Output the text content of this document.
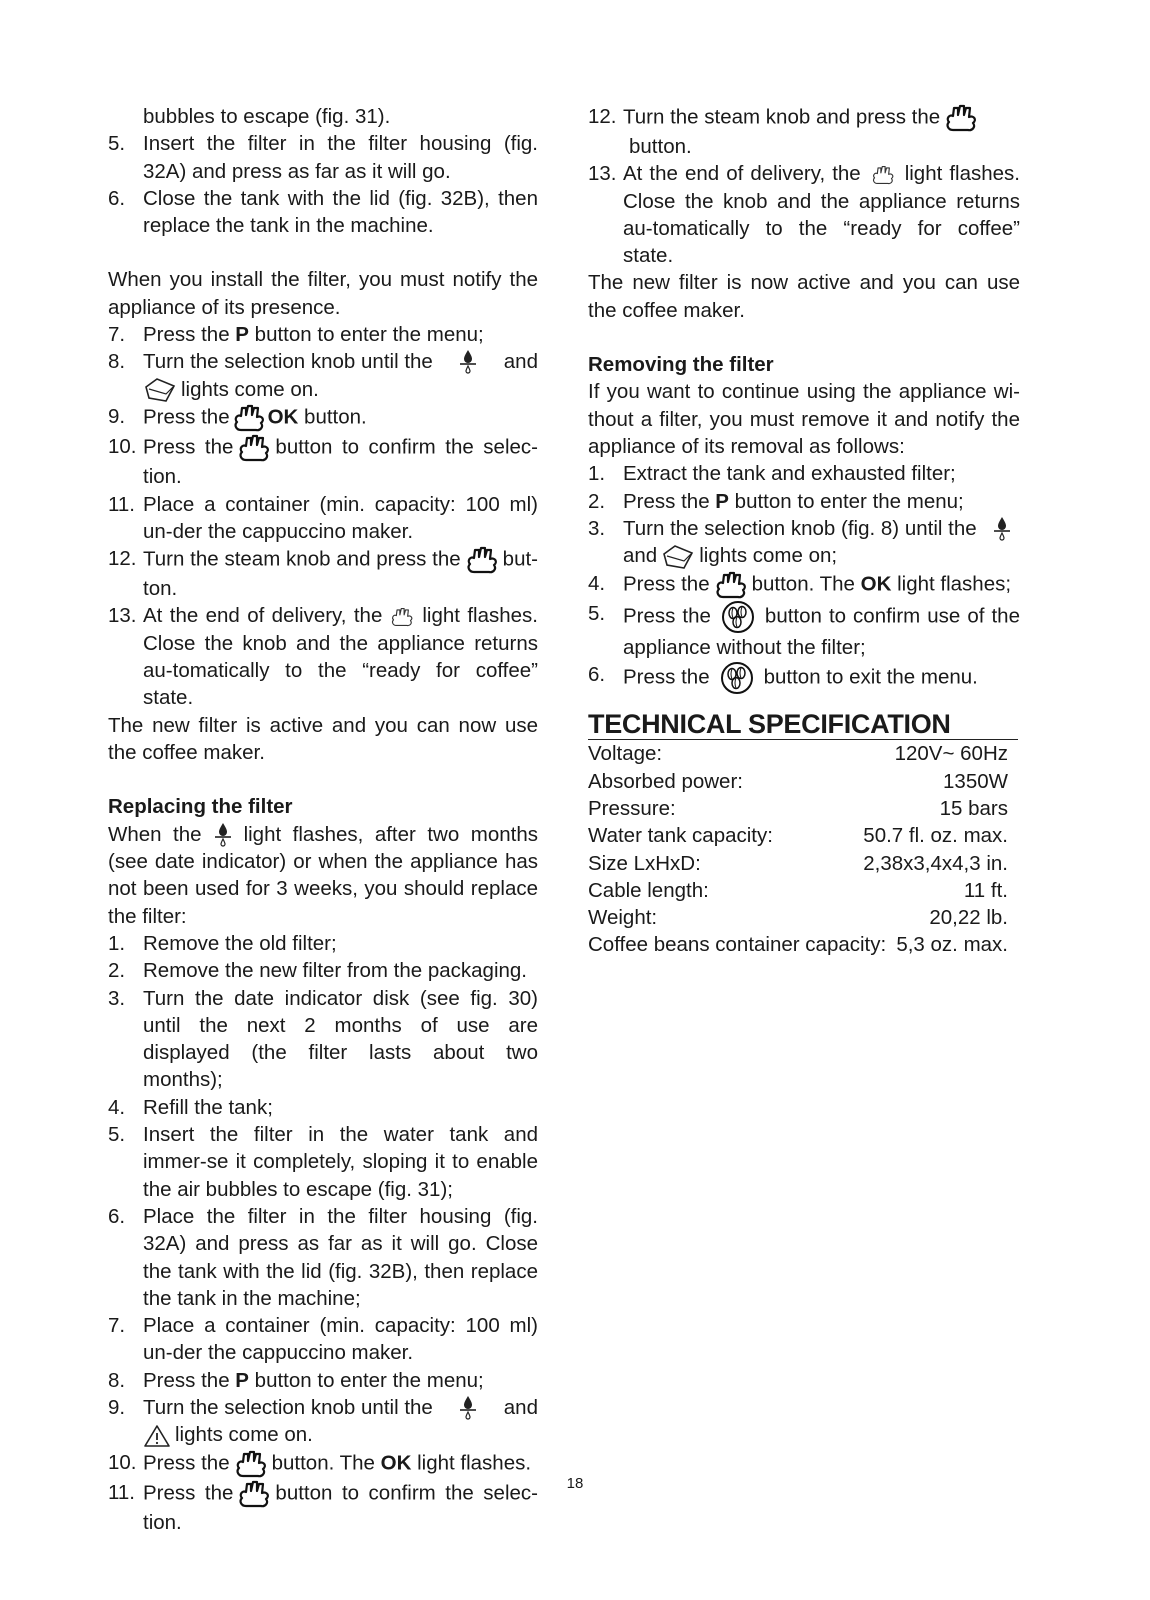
bubbles to escape (fig. 31).
5. Insert the filter in the filter housing (fig. 32A) and press as far as it will go.
6. Close the tank with the lid (fig. 32B), then replace the tank in the machine.
When you install the filter, you must notify the appliance of its presence.
7. Press the P button to enter the menu;
8. Turn the selection knob until the	and
lights come on.
9. Press the OK button.
10. Press the button to confirm the selec-tion.
11. Place a container (min. capacity: 100 ml) un-der the cappuccino maker.
12. Turn the steam knob and press the but-ton.
13. At the end of delivery, the light flashes. Close the knob and the appliance returns au-tomatically to the “ready for coffee” state.
The new filter is active and you can now use the coffee maker.
Replacing the filter
When the light flashes, after two months (see date indicator) or when the appliance has not been used for 3 weeks, you should replace the filter:
1. Remove the old filter;
2. Remove the new filter from the packaging.
3. Turn the date indicator disk (see fig. 30) until the next 2 months of use are displayed (the filter lasts about two months);
4. Refill the tank;
5. Insert the filter in the water tank and immer-se it completely, sloping it to enable the air bubbles to escape (fig. 31);
6. Place the filter in the filter housing (fig. 32A) and press as far as it will go. Close the tank with the lid (fig. 32B), then replace the tank in the machine;
7. Place a container (min. capacity: 100 ml) un-der the cappuccino maker.
8. Press the P button to enter the menu;
9. Turn the selection knob until the	and
lights come on.
10. Press the button. The OK light flashes.
11. Press the button to confirm the selec-tion.
12. Turn the steam knob and press the

button.
13. At the end of delivery, the light flashes. Close the knob and the appliance returns au-tomatically to the “ready for coffee” state.
The new filter is now active and you can use the coffee maker.
Removing the filter
If you want to continue using the appliance wi-thout a filter, you must remove it and notify the appliance of its removal as follows:
1. Extract the tank and exhausted filter;
2. Press the P button to enter the menu;
3. Turn the selection knob (fig. 8) until the

and lights come on;
4. Press the button. The OK light flashes;
5. Press the	button to confirm use of the appliance without the filter;
6. Press the	button to exit the menu.
TECHNICAL SPECIFICATION
Voltage:	120V~ 60Hz
Absorbed power:	1350W
Pressure:	15 bars
Water tank capacity:	50.7 fl. oz. max.
Size LxHxD:	2,38x3,4x4,3 in.
Cable length:	11 ft.
Weight:	20,22 lb.
Coffee beans container capacity: 5,3 oz. max.
18
